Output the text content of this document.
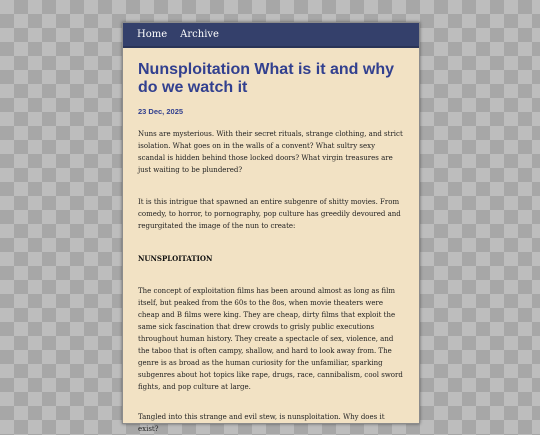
Home Archive
Nunsploitation What is it and why do we watch it
23 Dec, 2025

Nuns are mysterious. With their secret rituals, strange clothing, and strict isolation. What goes on in the walls of a convent? What sultry sexy scandal is hidden behind those locked doors? What virgin treasures are just waiting to be plundered?

It is this intrigue that spawned an entire subgenre of shitty movies. From comedy, to horror, to pornography, pop culture has greedily devoured and regurgitated the image of the nun to create:

NUNSPLOITATION

The concept of exploitation films has been around almost as long as film itself, but peaked from the 60s to the 8os, when movie theaters were cheap and B films were king. They are cheap, dirty films that exploit the same sick fascination that drew crowds to grisly public executions throughout human history. They create a spectacle of sex, violence, and the taboo that is often campy, shallow, and hard to look away from. The genre is as broad as the human curiosity for the unfamiliar, sparking subgenres about hot topics like rape, drugs, race, cannibalism, cool sword fights, and pop culture at large.

Tangled into this strange and evil stew, is nunsploitation. Why does it exist?
